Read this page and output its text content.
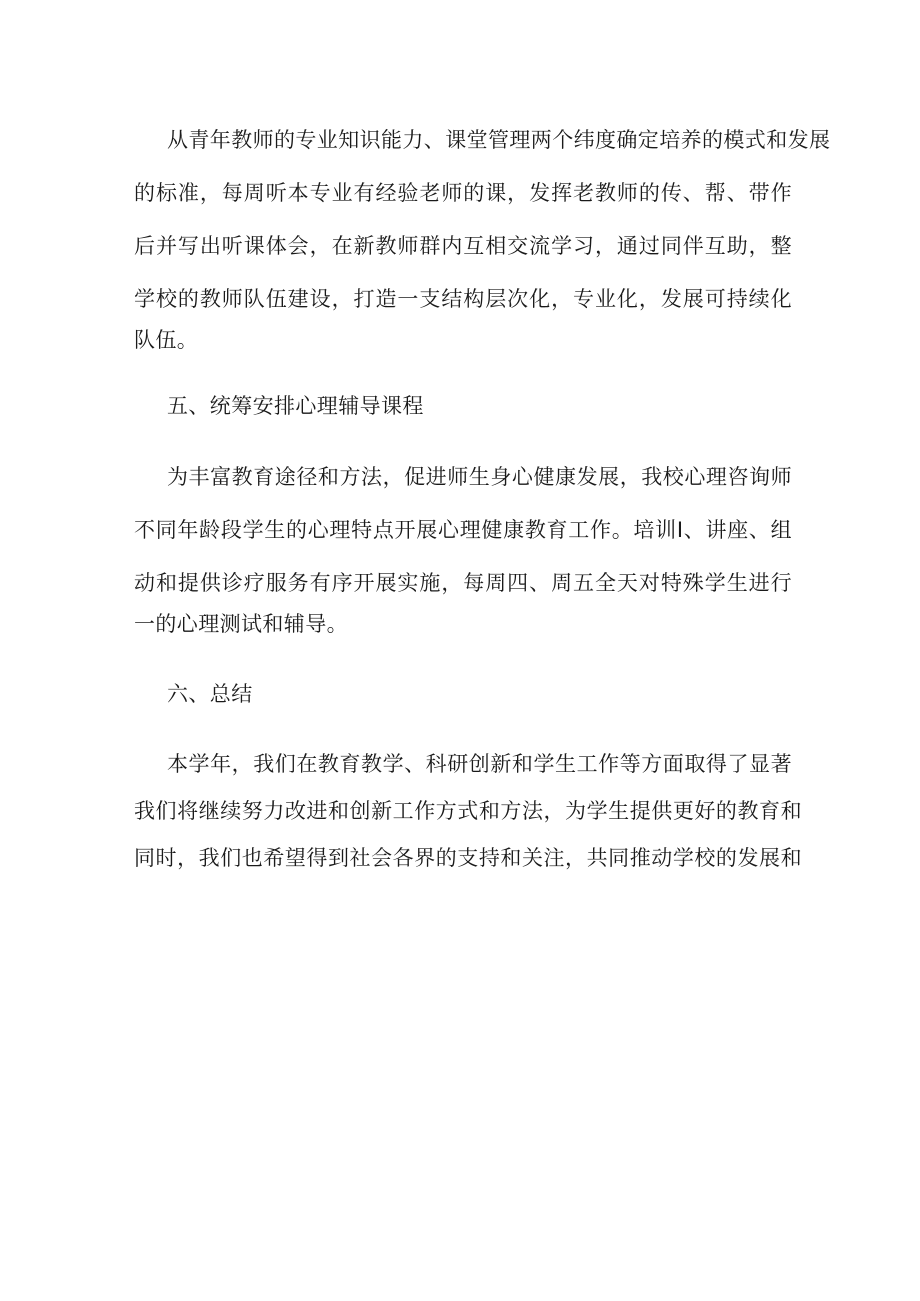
从青年教师的专业知识能力、课堂管理两个纬度确定培养的模式和发展
的标准，每周听本专业有经验老师的课，发挥老教师的传、帮、带作
后并写出听课体会，在新教师群内互相交流学习，通过同伴互助，整
学校的教师队伍建设，打造一支结构层次化，专业化，发展可持续化
队伍。
五、统筹安排心理辅导课程
为丰富教育途径和方法，促进师生身心健康发展，我校心理咨询师
不同年龄段学生的心理特点开展心理健康教育工作。培训I、讲座、组
动和提供诊疗服务有序开展实施，每周四、周五全天对特殊学生进行
一的心理测试和辅导。
六、总结
本学年，我们在教育教学、科研创新和学生工作等方面取得了显著
我们将继续努力改进和创新工作方式和方法，为学生提供更好的教育和
同时，我们也希望得到社会各界的支持和关注，共同推动学校的发展和
